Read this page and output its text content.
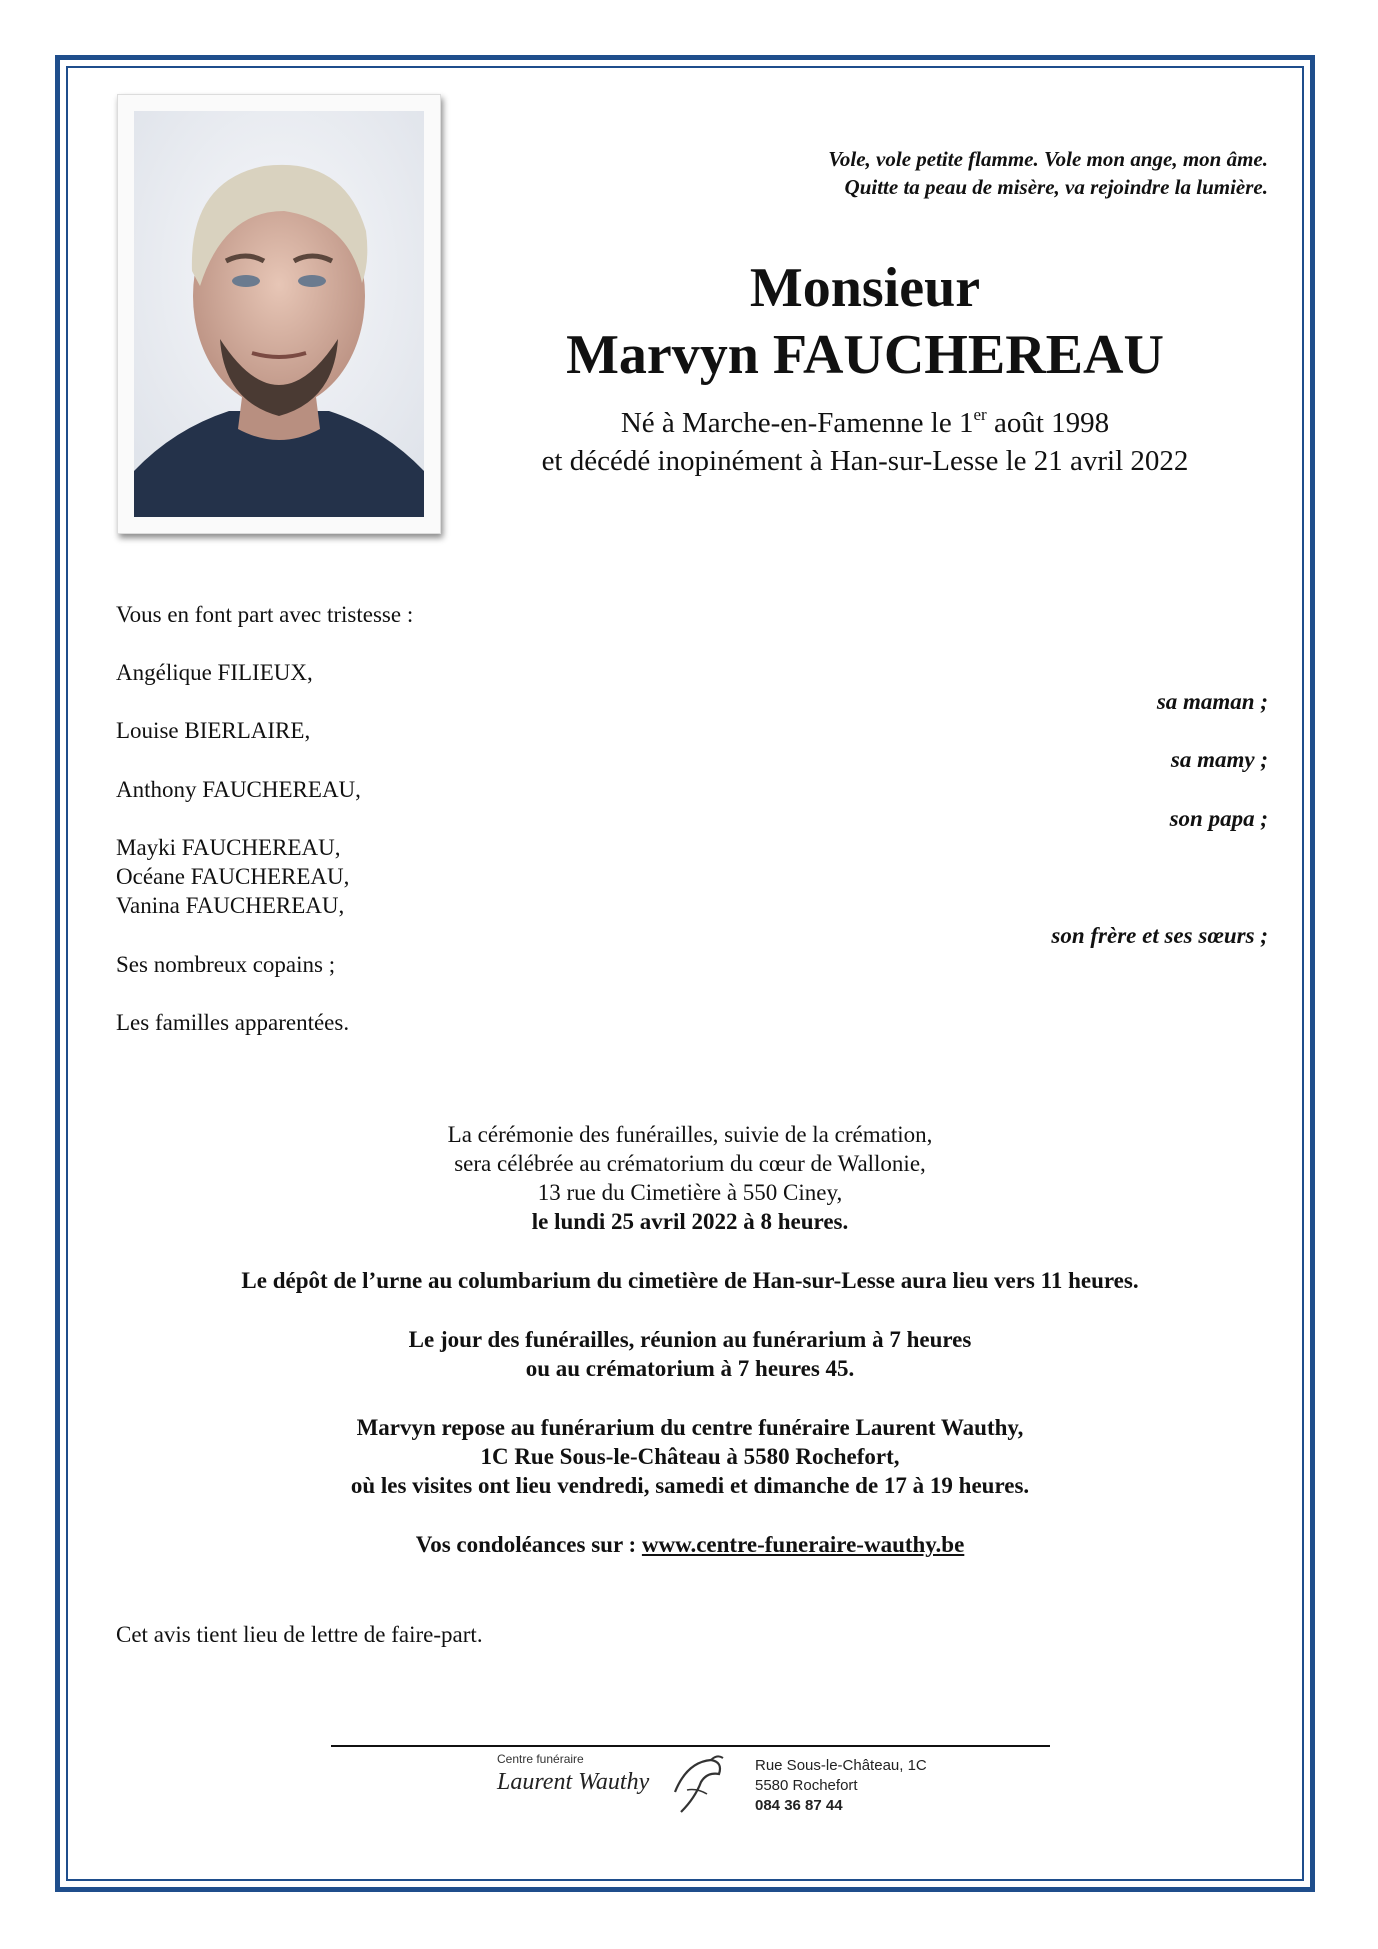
Vole, vole petite flamme. Vole mon ange, mon âme.
Quitte ta peau de misère, va rejoindre la lumière.
Monsieur
Marvyn FAUCHEREAU
Né à Marche-en-Famenne le 1er août 1998
et décédé inopinément à Han-sur-Lesse le 21 avril 2022
Vous en font part avec tristesse :
Angélique FILIEUX,
sa maman ;
Louise BIERLAIRE,
sa mamy ;
Anthony FAUCHEREAU,
son papa ;
Mayki FAUCHEREAU,
Océane FAUCHEREAU,
Vanina FAUCHEREAU,
son frère et ses sœurs ;
Ses nombreux copains ;
Les familles apparentées.
La cérémonie des funérailles, suivie de la crémation,
sera célébrée au crématorium du cœur de Wallonie,
13 rue du Cimetière à 550 Ciney,
le lundi 25 avril 2022 à 8 heures.
Le dépôt de l’urne au columbarium du cimetière de Han-sur-Lesse aura lieu vers 11 heures.
Le jour des funérailles, réunion au funérarium à 7 heures
ou au crématorium à 7 heures 45.
Marvyn repose au funérarium du centre funéraire Laurent Wauthy,
1C Rue Sous-le-Château à 5580 Rochefort,
où les visites ont lieu vendredi, samedi et dimanche de 17 à 19 heures.
Vos condoléances sur : www.centre-funeraire-wauthy.be
Cet avis tient lieu de lettre de faire-part.
Centre funéraire
Laurent Wauthy
Rue Sous-le-Château, 1C
5580 Rochefort
084 36 87 44
